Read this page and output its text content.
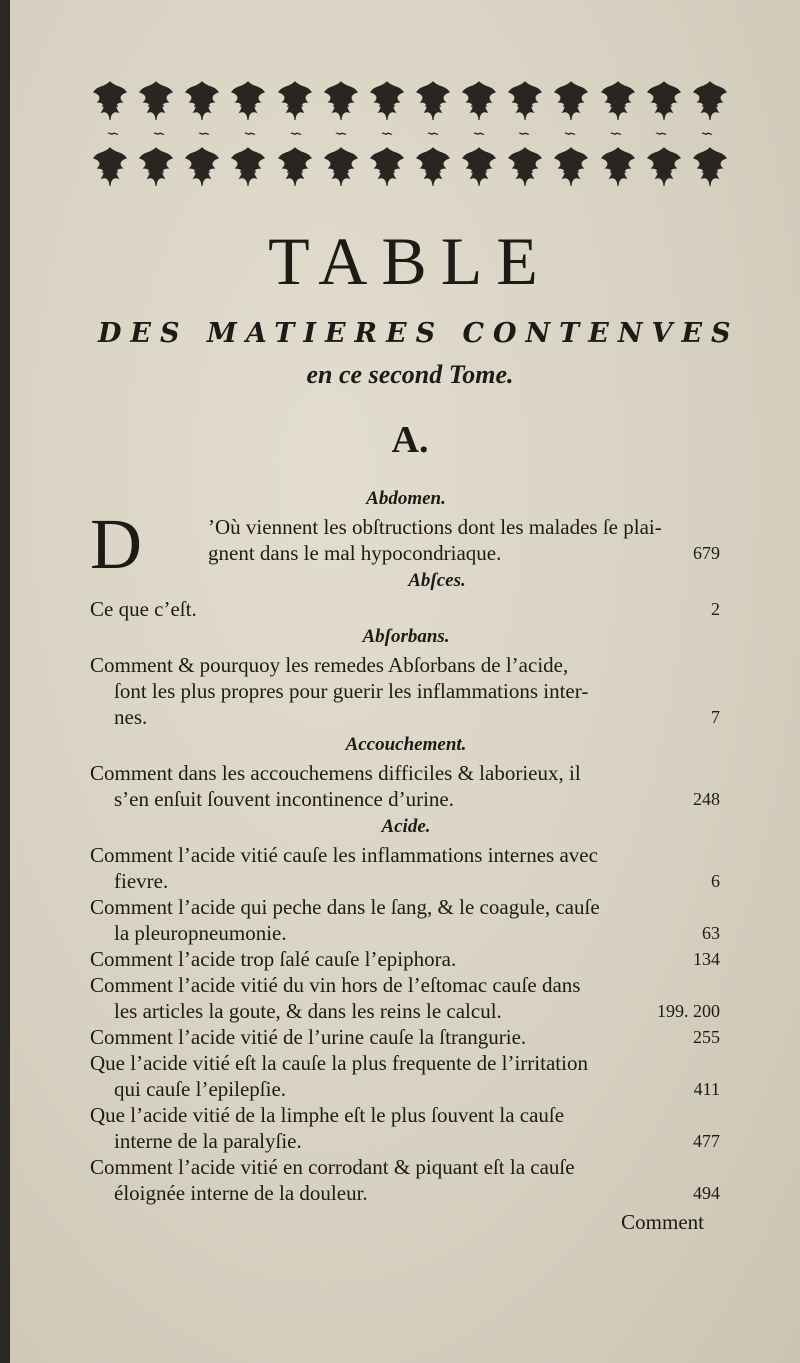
TABLE
DES MATIERES CONTENVES
en ce second Tome.
A.
Abdomen.
D	’Où viennent les obſtructions dont les malades ſe plai-
gnent dans le mal hypocondriaque.	679
Abſces.
Ce que c’eſt.	2
Abſorbans.
Comment & pourquoy les remedes Abſorbans de l’acide,
ſont les plus propres pour guerir les inflammations inter-
nes.	7
Accouchement.
Comment dans les accouchemens difficiles & laborieux, il
s’en enſuit ſouvent incontinence d’urine.	248
Acide.
Comment l’acide vitié cauſe les inflammations internes avec
fievre.	6
Comment l’acide qui peche dans le ſang, & le coagule, cauſe
la pleuropneumonie.	63
Comment l’acide trop ſalé cauſe l’epiphora.	134
Comment l’acide vitié du vin hors de l’eſtomac cauſe dans
les articles la goute, & dans les reins le calcul.	199. 200
Comment l’acide vitié de l’urine cauſe la ſtrangurie.	255
Que l’acide vitié eſt la cauſe la plus frequente de l’irritation
qui cauſe l’epilepſie.	411
Que l’acide vitié de la limphe eſt le plus ſouvent la cauſe
interne de la paralyſie.	477
Comment l’acide vitié en corrodant & piquant eſt la cauſe
éloignée interne de la douleur.	494
Comment
